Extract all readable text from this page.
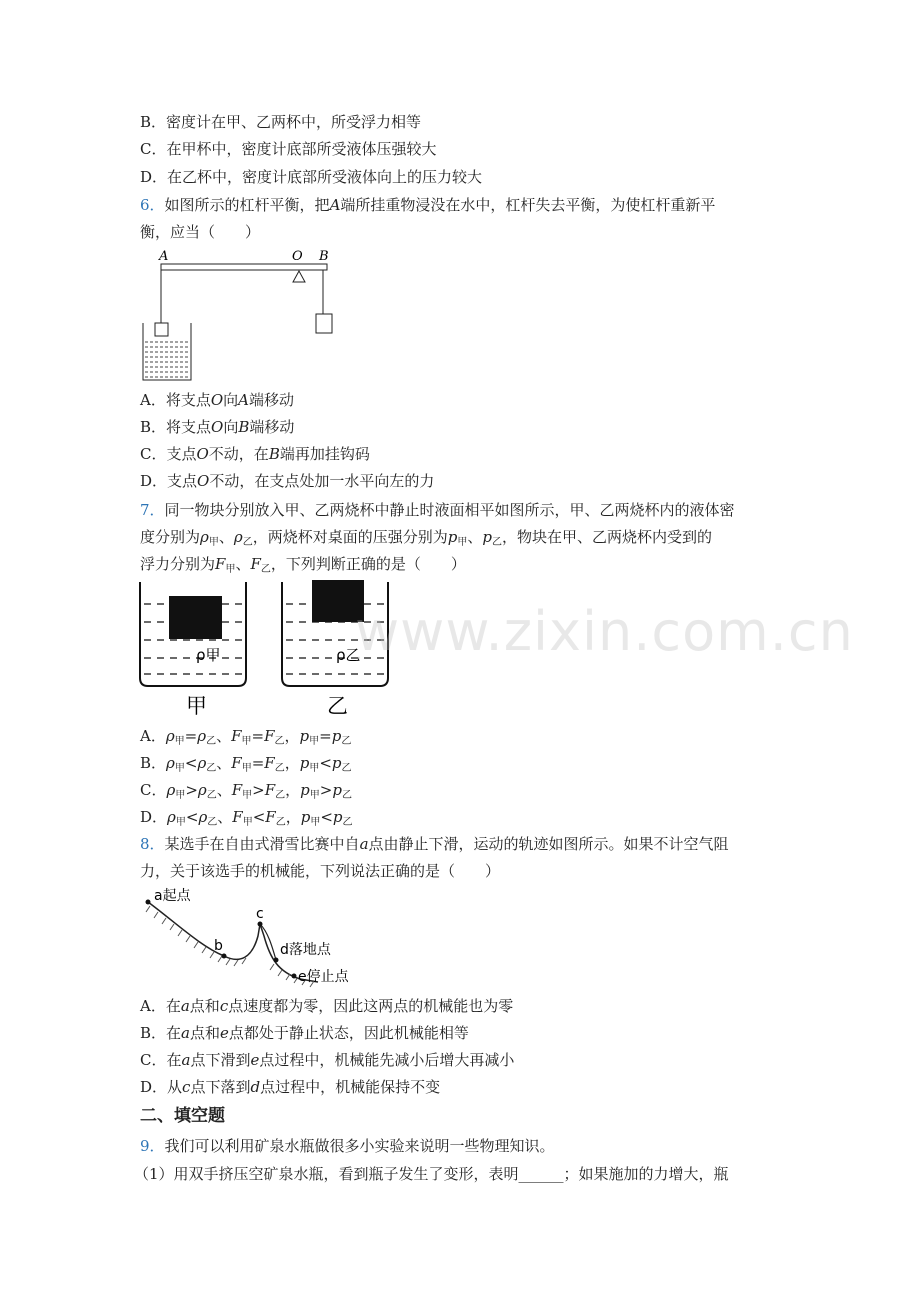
B．密度计在甲、乙两杯中，所受浮力相等
C．在甲杯中，密度计底部所受液体压强较大
D．在乙杯中，密度计底部所受液体向上的压力较大
6．如图所示的杠杆平衡，把A端所挂重物浸没在水中，杠杆失去平衡，为使杠杆重新平
衡，应当（　　）
A	O B
A．将支点O向A端移动
B．将支点O向B端移动
C．支点O不动，在B端再加挂钩码
D．支点O不动，在支点处加一水平向左的力
7．同一物块分别放入甲、乙两烧杯中静止时液面相平如图所示，甲、乙两烧杯内的液体密
度分别为$\rho_甲$、$\rho_乙$，两烧杯对桌面的压强分别为$p_甲$、$p_乙$，物块在甲、乙两烧杯内受到的
浮力分别为$F_甲$、$F_乙$，下列判断正确的是（　　）
ρ甲
甲
ρ乙
乙
www.zixin.com.cn
A．$\rho_甲=\rho_乙$、$F_甲=F_乙$，$p_甲=p_乙$
B．$\rho_甲<\rho_乙$、$F_甲=F_乙$，$p_甲<p_乙$
C．$\rho_甲>\rho_乙$、$F_甲>F_乙$，$p_甲>p_乙$
D．$\rho_甲<\rho_乙$、$F_甲<F_乙$，$p_甲<p_乙$
8．某选手在自由式滑雪比赛中自a点由静止下滑，运动的轨迹如图所示。如果不计空气阻
力，关于该选手的机械能，下列说法正确的是（　　）
a起点
b
c
d落地点
e停止点
A．在a点和c点速度都为零，因此这两点的机械能也为零
B．在a点和e点都处于静止状态，因此机械能相等
C．在a点下滑到e点过程中，机械能先减小后增大再减小
D．从c点下落到d点过程中，机械能保持不变
二、填空题
9．我们可以利用矿泉水瓶做很多小实验来说明一些物理知识。
（1）用双手挤压空矿泉水瓶，看到瓶子发生了变形，表明______；如果施加的力增大，瓶
